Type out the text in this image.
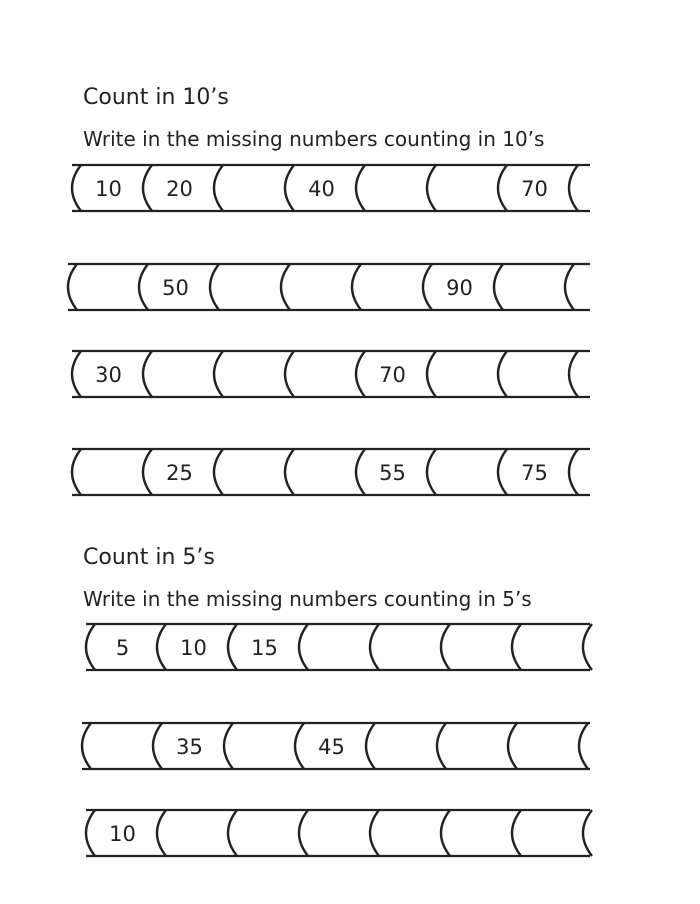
Count in 10’s

Write in the missing numbers counting in 10’s

Count in 5’s

Write in the missing numbers counting in 5’s

10 20	40	70
50	90
30	70
25	55	75
5 10 15
35	45
10
